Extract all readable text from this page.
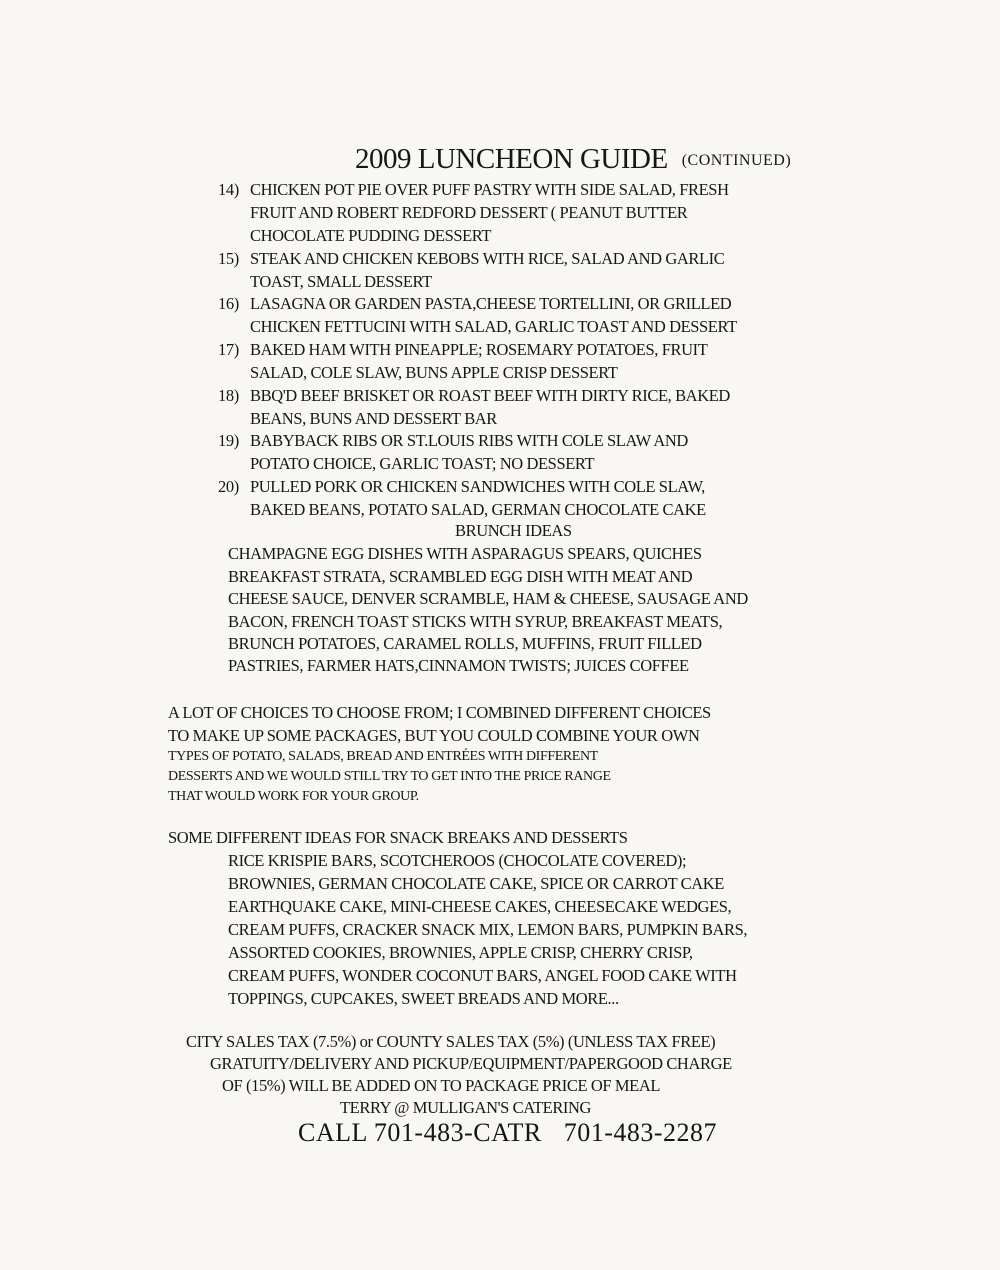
2009 LUNCHEON GUIDE (CONTINUED)
14) CHICKEN POT PIE OVER PUFF PASTRY WITH SIDE SALAD, FRESH
FRUIT AND ROBERT REDFORD DESSERT ( PEANUT BUTTER
CHOCOLATE PUDDING DESSERT
15) STEAK AND CHICKEN KEBOBS WITH RICE, SALAD AND GARLIC
TOAST, SMALL DESSERT
16) LASAGNA OR GARDEN PASTA,CHEESE TORTELLINI, OR GRILLED
CHICKEN FETTUCINI WITH SALAD, GARLIC TOAST AND DESSERT
17) BAKED HAM WITH PINEAPPLE; ROSEMARY POTATOES, FRUIT
SALAD, COLE SLAW, BUNS APPLE CRISP DESSERT
18) BBQ'D BEEF BRISKET OR ROAST BEEF WITH DIRTY RICE, BAKED
BEANS, BUNS AND DESSERT BAR
19) BABYBACK RIBS OR ST.LOUIS RIBS WITH COLE SLAW AND
POTATO CHOICE, GARLIC TOAST; NO DESSERT
20) PULLED PORK OR CHICKEN SANDWICHES WITH COLE SLAW,
BAKED BEANS, POTATO SALAD, GERMAN CHOCOLATE CAKE
BRUNCH IDEAS
CHAMPAGNE EGG DISHES WITH ASPARAGUS SPEARS, QUICHES
BREAKFAST STRATA, SCRAMBLED EGG DISH WITH MEAT AND
CHEESE SAUCE, DENVER SCRAMBLE, HAM & CHEESE, SAUSAGE AND
BACON, FRENCH TOAST STICKS WITH SYRUP, BREAKFAST MEATS,
BRUNCH POTATOES, CARAMEL ROLLS, MUFFINS, FRUIT FILLED
PASTRIES, FARMER HATS,CINNAMON TWISTS; JUICES COFFEE
A LOT OF CHOICES TO CHOOSE FROM; I COMBINED DIFFERENT CHOICES
TO MAKE UP SOME PACKAGES, BUT YOU COULD COMBINE YOUR OWN
TYPES OF POTATO, SALADS, BREAD AND ENTRÉES WITH DIFFERENT
DESSERTS AND WE WOULD STILL TRY TO GET INTO THE PRICE RANGE
THAT WOULD WORK FOR YOUR GROUP.
SOME DIFFERENT IDEAS FOR SNACK BREAKS AND DESSERTS
RICE KRISPIE BARS, SCOTCHEROOS (CHOCOLATE COVERED);
BROWNIES, GERMAN CHOCOLATE CAKE, SPICE OR CARROT CAKE
EARTHQUAKE CAKE, MINI-CHEESE CAKES, CHEESECAKE WEDGES,
CREAM PUFFS, CRACKER SNACK MIX, LEMON BARS, PUMPKIN BARS,
ASSORTED COOKIES, BROWNIES, APPLE CRISP, CHERRY CRISP,
CREAM PUFFS, WONDER COCONUT BARS, ANGEL FOOD CAKE WITH
TOPPINGS, CUPCAKES, SWEET BREADS AND MORE...
CITY SALES TAX (7.5%) or COUNTY SALES TAX (5%) (UNLESS TAX FREE)
GRATUITY/DELIVERY AND PICKUP/EQUIPMENT/PAPERGOOD CHARGE
OF (15%) WILL BE ADDED ON TO PACKAGE PRICE OF MEAL
TERRY @ MULLIGAN'S CATERING
CALL 701-483-CATR 701-483-2287
